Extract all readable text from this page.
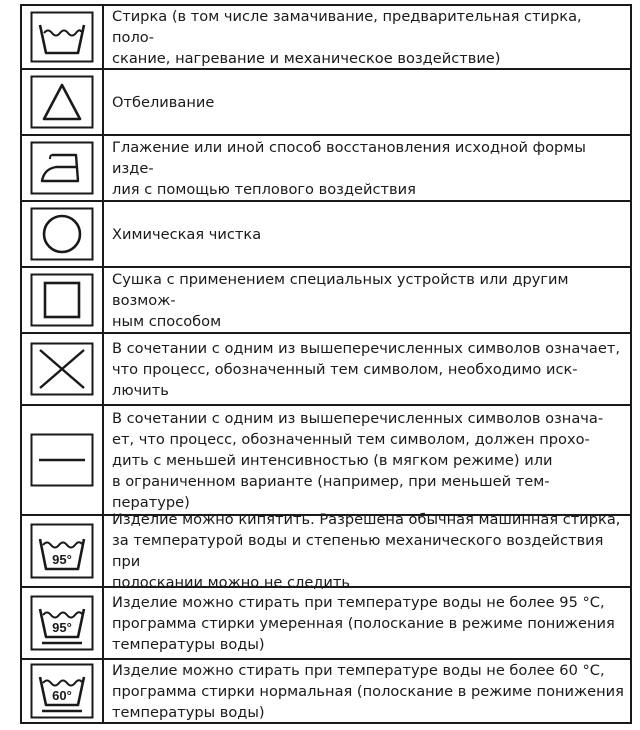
Стирка (в том числе замачивание, предварительная стирка, поло-
скание, нагревание и механическое воздействие)
Отбеливание
Глажение или иной способ восстановления исходной формы изде-
лия с помощью теплового воздействия
Химическая чистка
Сушка с применением специальных устройств или другим возмож-
ным способом
В сочетании с одним из вышеперечисленных символов означает,
что процесс, обозначенный тем символом, необходимо иск-
лючить
В сочетании с одним из вышеперечисленных символов означа-
ет, что процесс, обозначенный тем символом, должен прохо-
дить с меньшей интенсивностью (в мягком режиме) или
в ограниченном варианте (например, при меньшей тем-
пературе)
95°
Изделие можно кипятить. Разрешена обычная машинная стирка,
за температурой воды и степенью механического воздействия при
полоскании можно не следить
95°
Изделие можно стирать при температуре воды не более 95 °С,
программа стирки умеренная (полоскание в режиме понижения
температуры воды)
60°
Изделие можно стирать при температуре воды не более 60 °С,
программа стирки нормальная (полоскание в режиме понижения
температуры воды)
